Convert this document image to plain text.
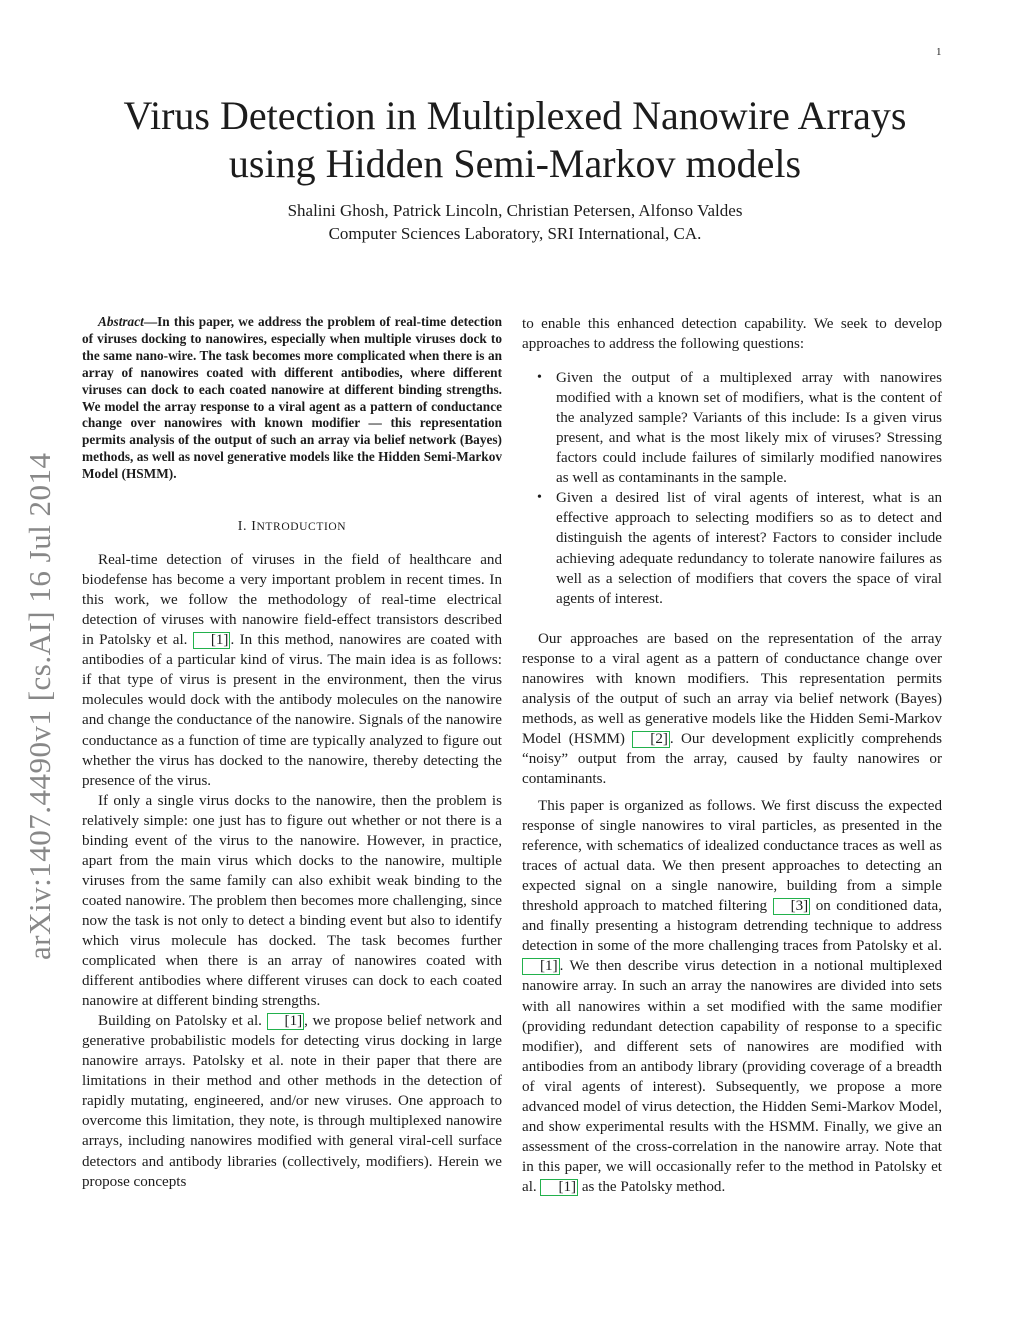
1
arXiv:1407.4490v1 [cs.AI] 16 Jul 2014
Virus Detection in Multiplexed Nanowire Arrays
using Hidden Semi-Markov models
Shalini Ghosh, Patrick Lincoln, Christian Petersen, Alfonso Valdes
Computer Sciences Laboratory, SRI International, CA.

Abstract—In this paper, we address the problem of real-time detection of viruses docking to nanowires, especially when multiple viruses dock to the same nano-wire. The task becomes more complicated when there is an array of nanowires coated with different antibodies, where different viruses can dock to each coated nanowire at different binding strengths. We model the array response to a viral agent as a pattern of conductance change over nanowires with known modifier — this representation permits analysis of the output of such an array via belief network (Bayes) methods, as well as novel generative models like the Hidden Semi-Markov Model (HSMM).

I. INTRODUCTION

Real-time detection of viruses in the field of healthcare and biodefense has become a very important problem in recent times. In this work, we follow the methodology of real-time electrical detection of viruses with nanowire field-effect transistors described in Patolsky et al. [1] . In this method, nanowires are coated with antibodies of a particular kind of virus. The main idea is as follows: if that type of virus is present in the environment, then the virus molecules would dock with the antibody molecules on the nanowire and change the conductance of the nanowire. Signals of the nanowire conductance as a function of time are typically analyzed to figure out whether the virus has docked to the nanowire, thereby detecting the presence of the virus.

If only a single virus docks to the nanowire, then the problem is relatively simple: one just has to figure out whether or not there is a binding event of the virus to the nanowire. However, in practice, apart from the main virus which docks to the nanowire, multiple viruses from the same family can also exhibit weak binding to the coated nanowire. The problem then becomes more challenging, since now the task is not only to detect a binding event but also to identify which virus molecule has docked. The task becomes further complicated when there is an array of nanowires coated with different antibodies where different viruses can dock to each coated nanowire at different binding strengths.

Building on Patolsky et al. [1] , we propose belief network and generative probabilistic models for detecting virus docking in large nanowire arrays. Patolsky et al. note in their paper that there are limitations in their method and other methods in the detection of rapidly mutating, engineered, and/or new viruses. One approach to overcome this limitation, they note, is through multiplexed nanowire arrays, including nanowires modified with general viral-cell surface detectors and antibody libraries (collectively, modifiers). Herein we propose concepts

to enable this enhanced detection capability. We seek to develop approaches to address the following questions:

• Given the output of a multiplexed array with nanowires modified with a known set of modifiers, what is the content of the analyzed sample? Variants of this include: Is a given virus present, and what is the most likely mix of viruses? Stressing factors could include failures of similarly modified nanowires as well as contaminants in the sample.
• Given a desired list of viral agents of interest, what is an effective approach to selecting modifiers so as to detect and distinguish the agents of interest? Factors to consider include achieving adequate redundancy to tolerate nanowire failures as well as a selection of modifiers that covers the space of viral agents of interest.

Our approaches are based on the representation of the array response to a viral agent as a pattern of conductance change over nanowires with known modifiers. This representation permits analysis of the output of such an array via belief network (Bayes) methods, as well as generative models like the Hidden Semi-Markov Model (HSMM) [2] . Our development explicitly comprehends “noisy” output from the array, caused by faulty nanowires or contaminants.

This paper is organized as follows. We first discuss the expected response of single nanowires to viral particles, as presented in the reference, with schematics of idealized conductance traces as well as traces of actual data. We then present approaches to detecting an expected signal on a single nanowire, building from a simple threshold approach to matched filtering [3] on conditioned data, and finally presenting a histogram detrending technique to address detection in some of the more challenging traces from Patolsky et al. [1] . We then describe virus detection in a notional multiplexed nanowire array. In such an array the nanowires are divided into sets with all nanowires within a set modified with the same modifier (providing redundant detection capability of response to a specific modifier), and different sets of nanowires are modified with antibodies from an antibody library (providing coverage of a breadth of viral agents of interest). Subsequently, we propose a more advanced model of virus detection, the Hidden Semi-Markov Model, and show experimental results with the HSMM. Finally, we give an assessment of the cross-correlation in the nanowire array. Note that in this paper, we will occasionally refer to the method in Patolsky et al. [1] as the Patolsky method.
